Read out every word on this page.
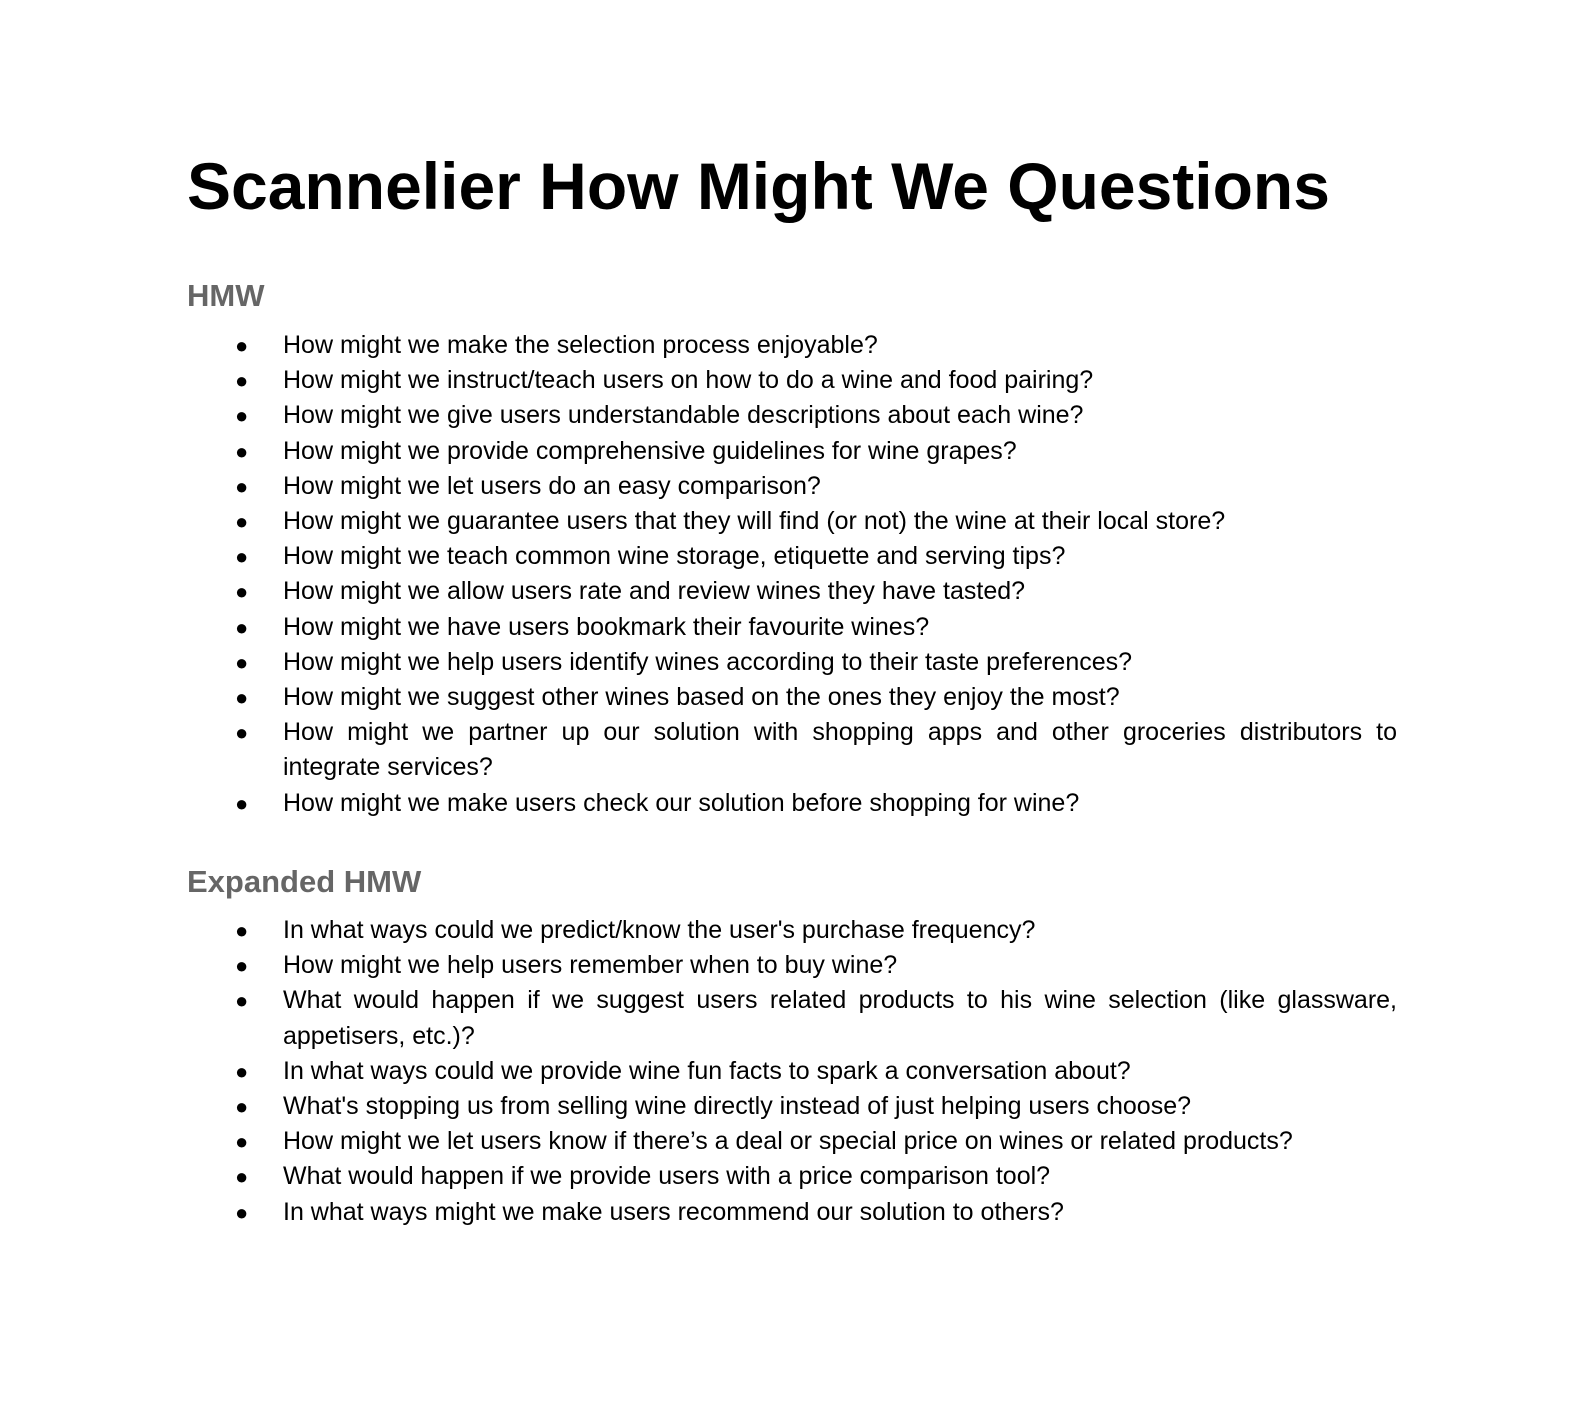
Scannelier How Might We Questions
HMW
● How might we make the selection process enjoyable?
● How might we instruct/teach users on how to do a wine and food pairing?
● How might we give users understandable descriptions about each wine?
● How might we provide comprehensive guidelines for wine grapes?
● How might we let users do an easy comparison?
● How might we guarantee users that they will find (or not) the wine at their local store?
● How might we teach common wine storage, etiquette and serving tips?
● How might we allow users rate and review wines they have tasted?
● How might we have users bookmark their favourite wines?
● How might we help users identify wines according to their taste preferences?
● How might we suggest other wines based on the ones they enjoy the most?
● How might we partner up our solution with shopping apps and other groceries distributors to integrate services?
● How might we make users check our solution before shopping for wine?
Expanded HMW
● In what ways could we predict/know the user's purchase frequency?
● How might we help users remember when to buy wine?
● What would happen if we suggest users related products to his wine selection (like glassware, appetisers, etc.)?
● In what ways could we provide wine fun facts to spark a conversation about?
● What's stopping us from selling wine directly instead of just helping users choose?
● How might we let users know if there’s a deal or special price on wines or related products?
● What would happen if we provide users with a price comparison tool?
● In what ways might we make users recommend our solution to others?
